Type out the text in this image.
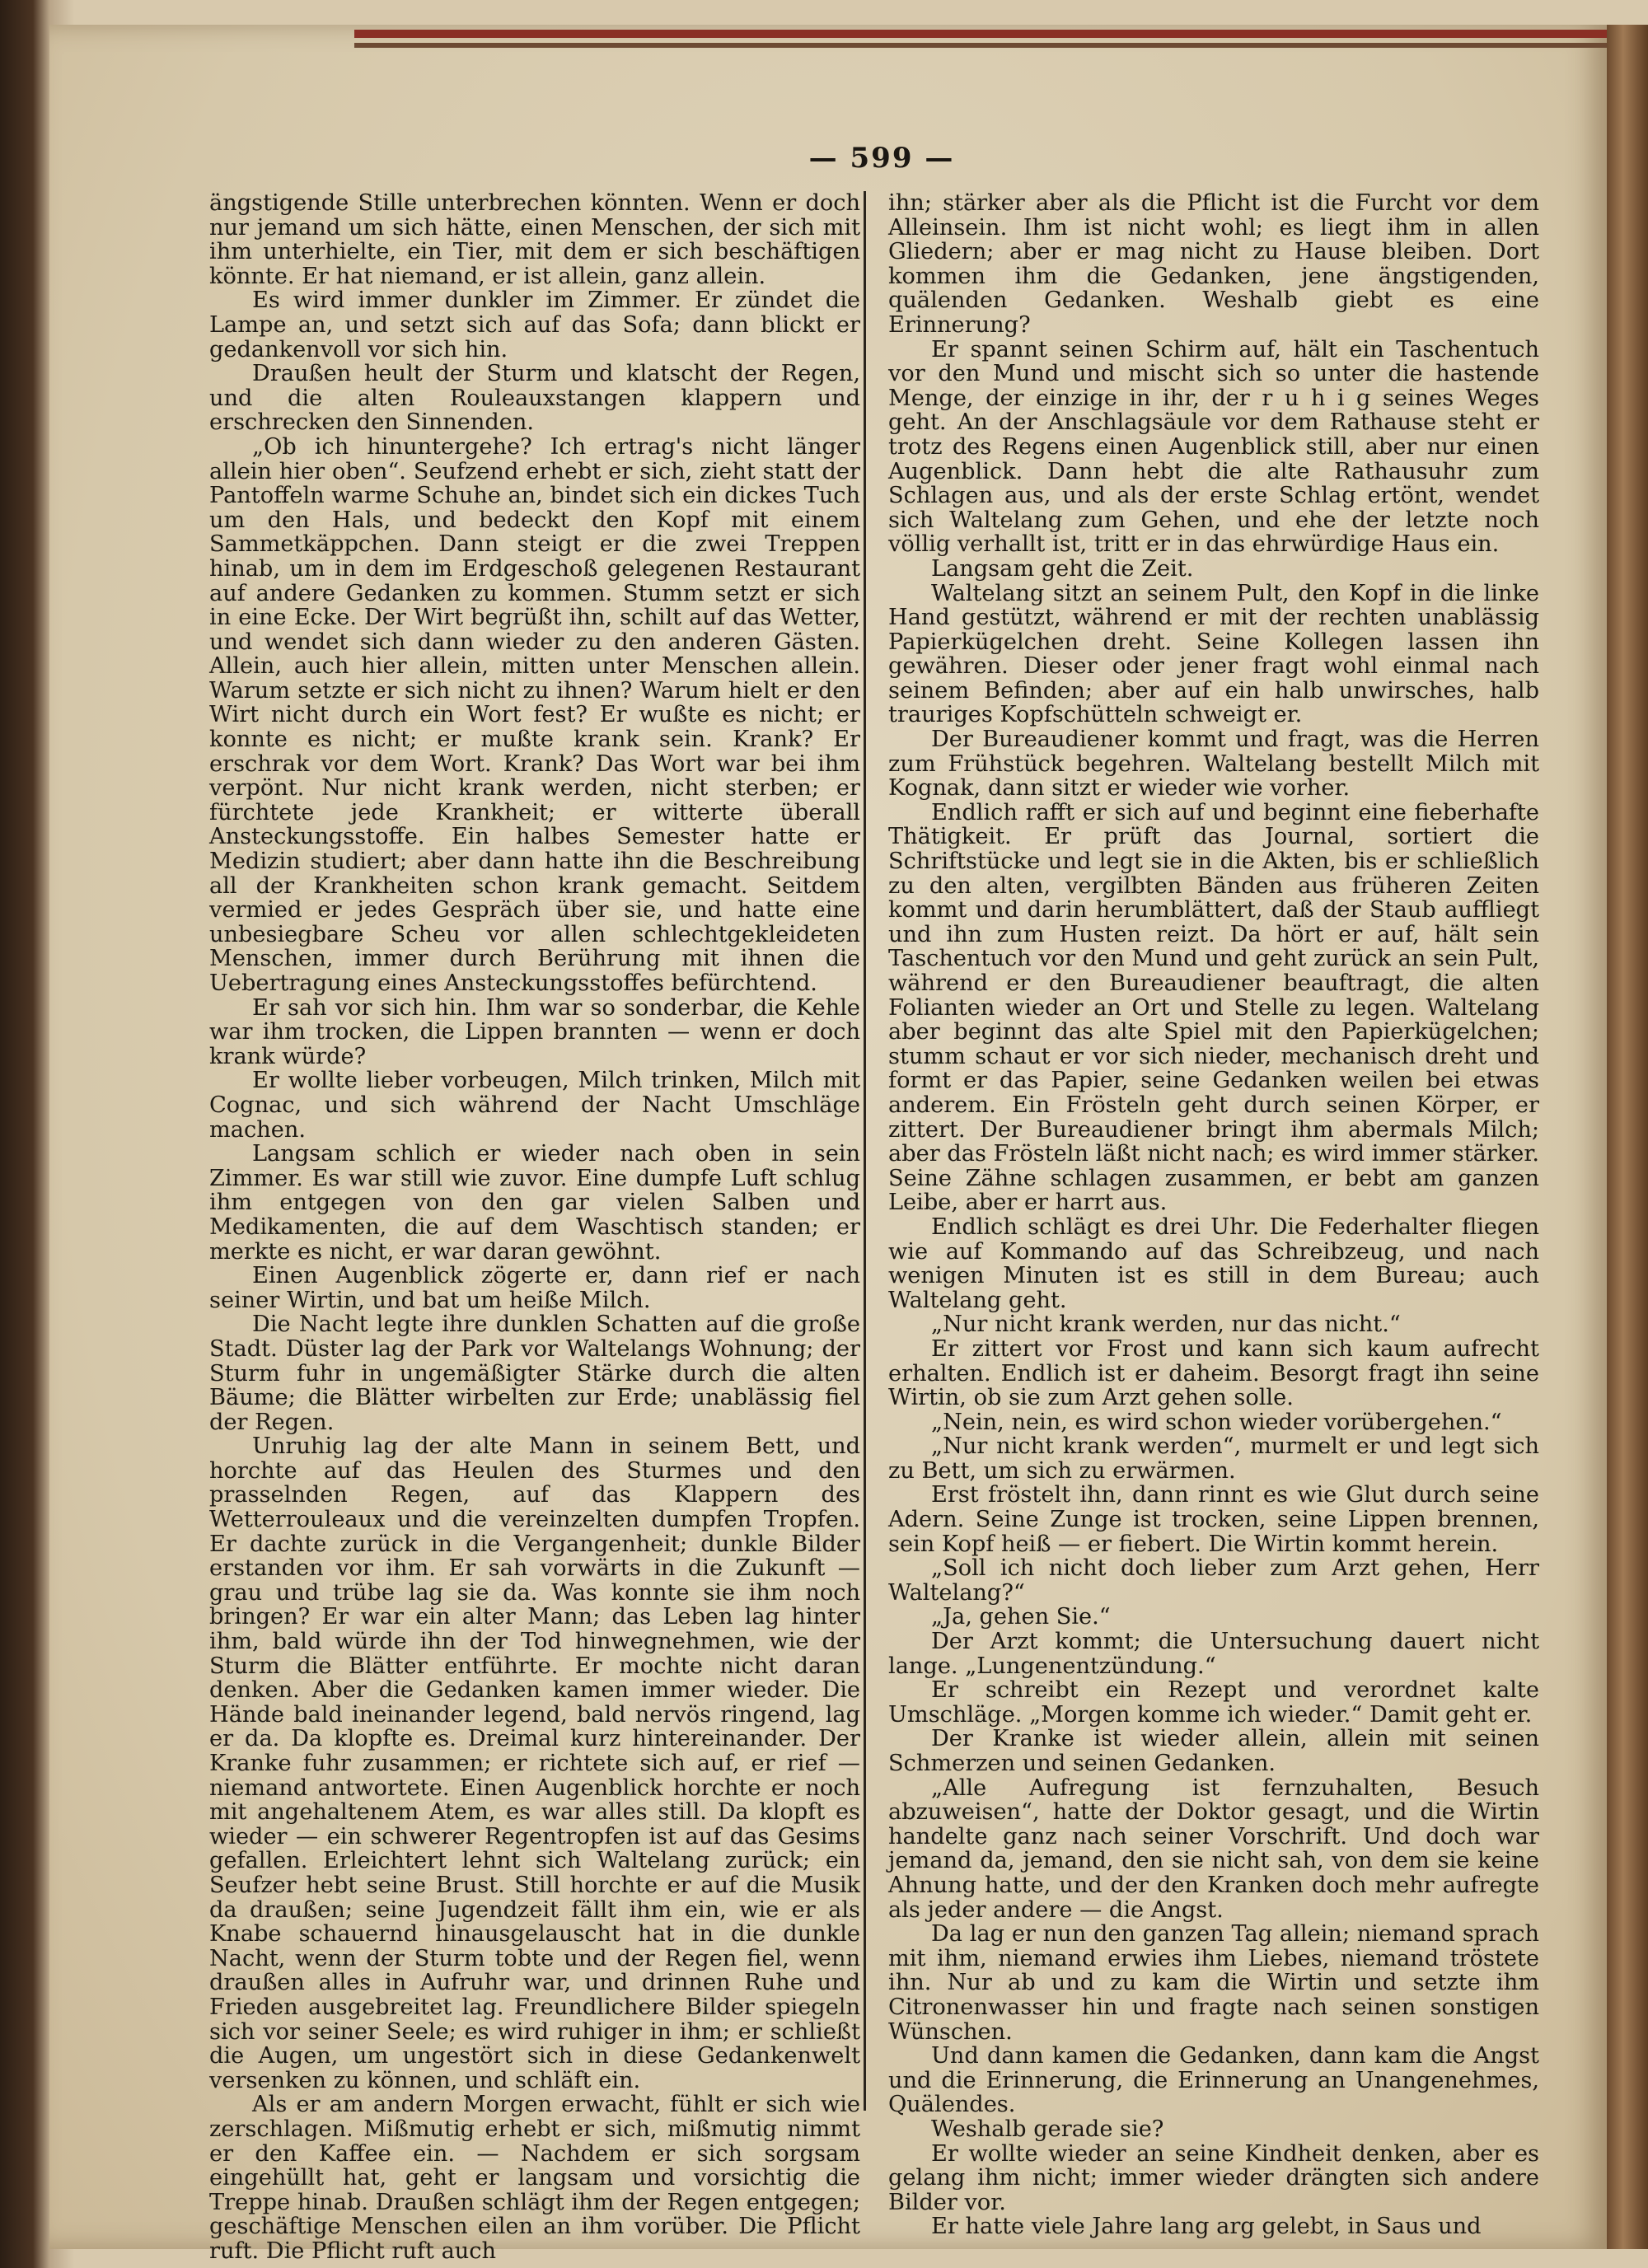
— 599 —

ängstigende Stille unterbrechen könnten. Wenn er doch nur jemand um sich hätte, einen Menschen, der sich mit ihm unterhielte, ein Tier, mit dem er sich beschäftigen könnte. Er hat niemand, er ist allein, ganz allein.

Es wird immer dunkler im Zimmer. Er zündet die Lampe an, und setzt sich auf das Sofa; dann blickt er gedankenvoll vor sich hin.

Draußen heult der Sturm und klatscht der Regen, und die alten Rouleauxstangen klappern und erschrecken den Sinnenden.

„Ob ich hinuntergehe? Ich ertrag's nicht länger allein hier oben“. Seufzend erhebt er sich, zieht statt der Pantoffeln warme Schuhe an, bindet sich ein dickes Tuch um den Hals, und bedeckt den Kopf mit einem Sammetkäppchen. Dann steigt er die zwei Treppen hinab, um in dem im Erdgeschoß gelegenen Restaurant auf andere Gedanken zu kommen. Stumm setzt er sich in eine Ecke. Der Wirt begrüßt ihn, schilt auf das Wetter, und wendet sich dann wieder zu den anderen Gästen. Allein, auch hier allein, mitten unter Menschen allein. Warum setzte er sich nicht zu ihnen? Warum hielt er den Wirt nicht durch ein Wort fest? Er wußte es nicht; er konnte es nicht; er mußte krank sein. Krank? Er erschrak vor dem Wort. Krank? Das Wort war bei ihm verpönt. Nur nicht krank werden, nicht sterben; er fürchtete jede Krankheit; er witterte überall Ansteckungsstoffe. Ein halbes Semester hatte er Medizin studiert; aber dann hatte ihn die Beschreibung all der Krankheiten schon krank gemacht. Seitdem vermied er jedes Gespräch über sie, und hatte eine unbesiegbare Scheu vor allen schlechtgekleideten Menschen, immer durch Berührung mit ihnen die Uebertragung eines Ansteckungsstoffes befürchtend.

Er sah vor sich hin. Ihm war so sonderbar, die Kehle war ihm trocken, die Lippen brannten — wenn er doch krank würde?

Er wollte lieber vorbeugen, Milch trinken, Milch mit Cognac, und sich während der Nacht Umschläge machen.

Langsam schlich er wieder nach oben in sein Zimmer. Es war still wie zuvor. Eine dumpfe Luft schlug ihm entgegen von den gar vielen Salben und Medikamenten, die auf dem Waschtisch standen; er merkte es nicht, er war daran gewöhnt.

Einen Augenblick zögerte er, dann rief er nach seiner Wirtin, und bat um heiße Milch.

Die Nacht legte ihre dunklen Schatten auf die große Stadt. Düster lag der Park vor Waltelangs Wohnung; der Sturm fuhr in ungemäßigter Stärke durch die alten Bäume; die Blätter wirbelten zur Erde; unablässig fiel der Regen.

Unruhig lag der alte Mann in seinem Bett, und horchte auf das Heulen des Sturmes und den prasselnden Regen, auf das Klappern des Wetterrouleaux und die vereinzelten dumpfen Tropfen. Er dachte zurück in die Vergangenheit; dunkle Bilder erstanden vor ihm. Er sah vorwärts in die Zukunft — grau und trübe lag sie da. Was konnte sie ihm noch bringen? Er war ein alter Mann; das Leben lag hinter ihm, bald würde ihn der Tod hinwegnehmen, wie der Sturm die Blätter entführte. Er mochte nicht daran denken. Aber die Gedanken kamen immer wieder. Die Hände bald ineinander legend, bald nervös ringend, lag er da. Da klopfte es. Dreimal kurz hintereinander. Der Kranke fuhr zusammen; er richtete sich auf, er rief — niemand antwortete. Einen Augenblick horchte er noch mit angehaltenem Atem, es war alles still. Da klopft es wieder — ein schwerer Regentropfen ist auf das Gesims gefallen. Erleichtert lehnt sich Waltelang zurück; ein Seufzer hebt seine Brust. Still horchte er auf die Musik da draußen; seine Jugendzeit fällt ihm ein, wie er als Knabe schauernd hinausgelauscht hat in die dunkle Nacht, wenn der Sturm tobte und der Regen fiel, wenn draußen alles in Aufruhr war, und drinnen Ruhe und Frieden ausgebreitet lag. Freundlichere Bilder spiegeln sich vor seiner Seele; es wird ruhiger in ihm; er schließt die Augen, um ungestört sich in diese Gedankenwelt versenken zu können, und schläft ein.

Als er am andern Morgen erwacht, fühlt er sich wie zerschlagen. Mißmutig erhebt er sich, mißmutig nimmt er den Kaffee ein. — Nachdem er sich sorgsam eingehüllt hat, geht er langsam und vorsichtig die Treppe hinab. Draußen schlägt ihm der Regen entgegen; geschäftige Menschen eilen an ihm vorüber. Die Pflicht ruft. Die Pflicht ruft auch

ihn; stärker aber als die Pflicht ist die Furcht vor dem Alleinsein. Ihm ist nicht wohl; es liegt ihm in allen Gliedern; aber er mag nicht zu Hause bleiben. Dort kommen ihm die Gedanken, jene ängstigenden, quälenden Gedanken. Weshalb giebt es eine Erinnerung?

Er spannt seinen Schirm auf, hält ein Taschentuch vor den Mund und mischt sich so unter die hastende Menge, der einzige in ihr, der r u h i g seines Weges geht. An der Anschlagsäule vor dem Rathause steht er trotz des Regens einen Augenblick still, aber nur einen Augenblick. Dann hebt die alte Rathausuhr zum Schlagen aus, und als der erste Schlag ertönt, wendet sich Waltelang zum Gehen, und ehe der letzte noch völlig verhallt ist, tritt er in das ehrwürdige Haus ein.

Langsam geht die Zeit.

Waltelang sitzt an seinem Pult, den Kopf in die linke Hand gestützt, während er mit der rechten unablässig Papierkügelchen dreht. Seine Kollegen lassen ihn gewähren. Dieser oder jener fragt wohl einmal nach seinem Befinden; aber auf ein halb unwirsches, halb trauriges Kopfschütteln schweigt er.

Der Bureaudiener kommt und fragt, was die Herren zum Frühstück begehren. Waltelang bestellt Milch mit Kognak, dann sitzt er wieder wie vorher.

Endlich rafft er sich auf und beginnt eine fieberhafte Thätigkeit. Er prüft das Journal, sortiert die Schriftstücke und legt sie in die Akten, bis er schließlich zu den alten, vergilbten Bänden aus früheren Zeiten kommt und darin herumblättert, daß der Staub auffliegt und ihn zum Husten reizt. Da hört er auf, hält sein Taschentuch vor den Mund und geht zurück an sein Pult, während er den Bureaudiener beauftragt, die alten Folianten wieder an Ort und Stelle zu legen. Waltelang aber beginnt das alte Spiel mit den Papierkügelchen; stumm schaut er vor sich nieder, mechanisch dreht und formt er das Papier, seine Gedanken weilen bei etwas anderem. Ein Frösteln geht durch seinen Körper, er zittert. Der Bureaudiener bringt ihm abermals Milch; aber das Frösteln läßt nicht nach; es wird immer stärker. Seine Zähne schlagen zusammen, er bebt am ganzen Leibe, aber er harrt aus.

Endlich schlägt es drei Uhr. Die Federhalter fliegen wie auf Kommando auf das Schreibzeug, und nach wenigen Minuten ist es still in dem Bureau; auch Waltelang geht.

„Nur nicht krank werden, nur das nicht.“

Er zittert vor Frost und kann sich kaum aufrecht erhalten. Endlich ist er daheim. Besorgt fragt ihn seine Wirtin, ob sie zum Arzt gehen solle.

„Nein, nein, es wird schon wieder vorübergehen.“

„Nur nicht krank werden“, murmelt er und legt sich zu Bett, um sich zu erwärmen.

Erst fröstelt ihn, dann rinnt es wie Glut durch seine Adern. Seine Zunge ist trocken, seine Lippen brennen, sein Kopf heiß — er fiebert. Die Wirtin kommt herein.

„Soll ich nicht doch lieber zum Arzt gehen, Herr Waltelang?“

„Ja, gehen Sie.“

Der Arzt kommt; die Untersuchung dauert nicht lange. „Lungenentzündung.“

Er schreibt ein Rezept und verordnet kalte Umschläge. „Morgen komme ich wieder.“ Damit geht er.

Der Kranke ist wieder allein, allein mit seinen Schmerzen und seinen Gedanken.

„Alle Aufregung ist fernzuhalten, Besuch abzuweisen“, hatte der Doktor gesagt, und die Wirtin handelte ganz nach seiner Vorschrift. Und doch war jemand da, jemand, den sie nicht sah, von dem sie keine Ahnung hatte, und der den Kranken doch mehr aufregte als jeder andere — die Angst.

Da lag er nun den ganzen Tag allein; niemand sprach mit ihm, niemand erwies ihm Liebes, niemand tröstete ihn. Nur ab und zu kam die Wirtin und setzte ihm Citronenwasser hin und fragte nach seinen sonstigen Wünschen.

Und dann kamen die Gedanken, dann kam die Angst und die Erinnerung, die Erinnerung an Unangenehmes, Quälendes.

Weshalb gerade sie?

Er wollte wieder an seine Kindheit denken, aber es gelang ihm nicht; immer wieder drängten sich andere Bilder vor.

Er hatte viele Jahre lang arg gelebt, in Saus und
